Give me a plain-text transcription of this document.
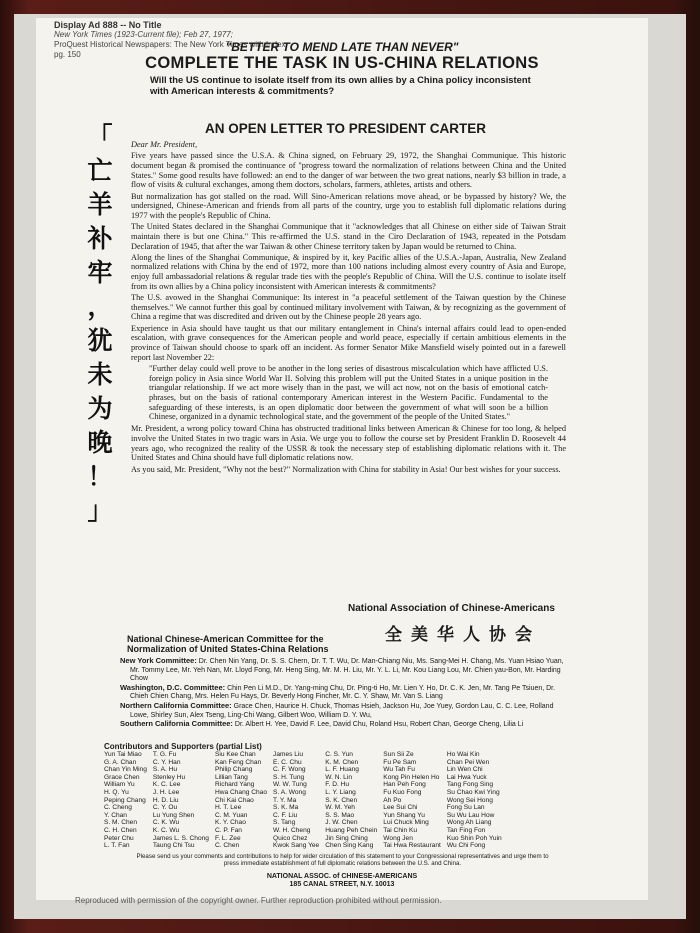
Display Ad 888 -- No Title
New York Times (1923-Current file); Feb 27, 1977;
ProQuest Historical Newspapers: The New York Times with Index
pg. 150
"BETTER TO MEND LATE THAN NEVER"
COMPLETE THE TASK IN US-CHINA RELATIONS
Will the US continue to isolate itself from its own allies by a China policy inconsistent with American interests & commitments?
「
亡
羊
补
牢
，
犹
未
为
晚
！
」
AN OPEN LETTER TO PRESIDENT CARTER

Dear Mr. President,

Five years have passed since the U.S.A. & China signed, on February 29, 1972, the Shanghai Communique. This historic document began & promised the continuance of "progress toward the normalization of relations between China and the United States." Some good results have followed: an end to the danger of war between the two great nations, nearly $3 billion in trade, a flow of visits & cultural exchanges, among them doctors, scholars, farmers, athletes, artists and others.

But normalization has got stalled on the road. Will Sino-American relations move ahead, or be bypassed by history? We, the undersigned, Chinese-American and friends from all parts of the country, urge you to establish full diplomatic relations during 1977 with the people's Republic of China.

The United States declared in the Shanghai Communique that it "acknowledges that all Chinese on either side of Taiwan Strait maintain there is but one China." This re-affirmed the U.S. stand in the Ciro Declaration of 1943, repeated in the Potsdam Declaration of 1945, that after the war Taiwan & other Chinese territory taken by Japan would be returned to China.

Along the lines of the Shanghai Communique, & inspired by it, key Pacific allies of the U.S.A.-Japan, Australia, New Zealand normalized relations with China by the end of 1972, more than 100 nations including almost every country of Asia and Europe, enjoy full ambassadorial relations & regular trade ties with the people's Republic of China. Will the U.S. continue to isolate itself from its own allies by a China policy inconsistent with American interests & commitments?

The U.S. avowed in the Shanghai Communique: Its interest in "a peaceful settlement of the Taiwan question by the Chinese themselves." We cannot further this goal by continued military involvement with Taiwan, & by recognizing as the government of China a regime that was discredited and driven out by the Chinese people 28 years ago.

Experience in Asia should have taught us that our military entanglement in China's internal affairs could lead to open-ended escalation, with grave consequences for the American people and world peace, especially if certain ambitious elements in the province of Taiwan should choose to spark off an incident. As former Senator Mike Mansfield wisely pointed out in a farewell report last November 22:

"Further delay could well prove to be another in the long series of disastrous miscalculation which have afflicted U.S. foreign policy in Asia since World War II. Solving this problem will put the United States in a unique position in the triangular relationship. If we act more wisely than in the past, we will act now, not on the basis of emotional catch-phrases, but on the basis of rational contemporary American interest in the Western Pacific. Fundamental to the safeguarding of these interests, is an open diplomatic door between the government of what will soon be a billion Chinese, organized in a dynamic technological state, and the government of the people of the United States."

Mr. President, a wrong policy toward China has obstructed traditional links between American & Chinese for too long, & helped involve the United States in two tragic wars in Asia. We urge you to follow the course set by President Franklin D. Roosevelt 44 years ago, who recognized the reality of the USSR & took the necessary step of establishing diplomatic relations with it. The United States and China should have full diplomatic relations now.

As you said, Mr. President, "Why not the best?" Normalization with China for stability in Asia! Our best wishes for your success.

National Association of Chinese-Americans
全美华人协会
National Chinese-American Committee for the
Normalization of United States-China Relations

New York Committee: Dr. Chen Nin Yang, Dr. S. S. Chern, Dr. T. T. Wu, Dr. Man-Chiang Niu, Ms. Sang-Mei H. Chang, Ms. Yuan Hsiao Yuan, Mr. Tommy Lee, Mr. Yeh Nan, Mr. Lloyd Fong, Mr. Heng Sing, Mr. M. H. Liu, Mr. Y. L. Li, Mr. Kou Liang Lou, Mr. Chien yau-Bon, Mr. Harding Chow

Washington, D.C. Committee: Chin Pen Li M.D., Dr. Yang-ming Chu, Dr. Ping-ti Ho, Mr. Lien Y. Ho, Dr. C. K. Jen, Mr. Tang Pe Tsiuen, Dr. Chieh Chien Chang, Mrs. Helen Fu Hays, Dr. Beverly Hong Fincher, Mr. C. Y. Shaw, Mr. Van S. Liang

Northern California Committee: Grace Chen, Haurice H. Chuck, Thomas Hsieh, Jackson Hu, Joe Yuey, Gordon Lau, C. C. Lee, Rolland Lowe, Shirley Sun, Alex Tseng, Ling-Chi Wang, Gilbert Woo, William D. Y. Wu,

Southern California Committee: Dr. Albert H. Yee, David F. Lee, David Chu, Roland Hsu, Robert Chan, George Cheng, Lilia Li

Contributors and Supporters (partial List)
Yun Tai Miao
G. A. Chan
Chan Yin Ming
Grace Chen
William Yu
H. Q. Yu
Peping Chang
C. Cheng
Y. Chan
S. M. Chen
C. H. Chen
Peter Chu
L. T. Fan
T. G. Fu
C. Y. Han
S. A. Hu
Stenley Hu
K. C. Lee
J. H. Lee
H. D. Liu
C. Y. Ou
Lu Yung Shen
C. K. Wu
K. C. Wu
James L. S. Chong
Taung Chi Tsu
Siu Kee Chan
Kan Feng Chan
Philip Chang
Lillian Tang
Richard Yang
Hwa Chang Chao
Chi Kai Chao
H. T. Lee
C. M. Yuan
K. Y. Chao
C. P. Fan
F. L. Zee
C. Chen
James Liu
E. C. Chu
C. F. Wong
S. H. Tung
W. W. Tung
S. A. Wong
T. Y. Ma
S. K. Ma
C. F. Liu
S. Tang
W. H. Cheng
Quico Chez
Kwok Sang Yee
C. S. Yun
K. M. Chen
L. F. Huang
W. N. Lin
F. D. Hu
L. Y. Liang
S. K. Chen
W. M. Yeh
S. S. Mao
J. W. Chen
Huang Peh Chein
Jin Sing Ching
Chen Sing Kang
Sun Sii Ze
Fu Pe Sam
Wu Tah Fu
Kong Pin Helen Ho
Han Peh Fong
Fu Kuo Fong
Ah Po
Lee Sui Chi
Yun Shang Yu
Lui Chuck Ming
Tai Chin Ku
Wong Jen
Tai Hwa Restaurant
Ho Wai Kin
Chan Pei Wen
Lin Wen Chi
Lai Hwa Yuck
Tang Fong Sing
Su Chao Kwi Ying
Wong Sei Hong
Fong Su Lan
Su Wu Lau How
Wong Ah Liang
Tan Fing Fon
Kuo Shin Poh Yuin
Wu Chi Fong
Please send us your comments and contributions to help for wider circulation of this statement to your Congressional representatives and urge them to press immediate establishment of full diplomatic relations between the U.S. and China.
NATIONAL ASSOC. of CHINESE-AMERICANS
185 CANAL STREET, N.Y. 10013
Reproduced with permission of the copyright owner. Further reproduction prohibited without permission.
